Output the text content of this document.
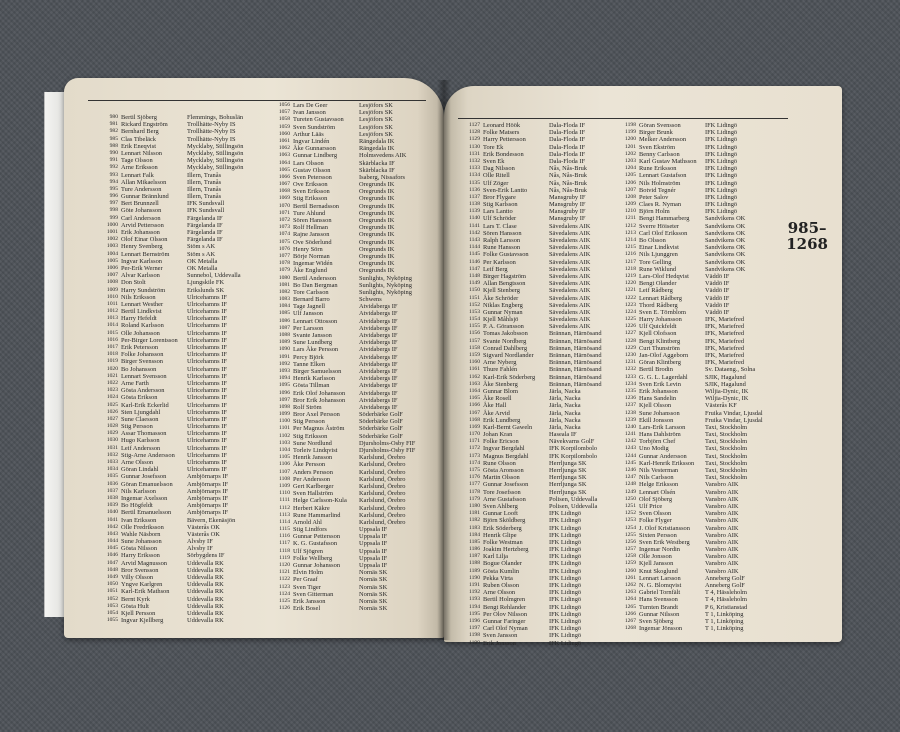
980 Bertil Sjöberg	Flemmings, Bohuslän
981 Rickard Engström	Trollhätte-Nyby IS
982 Bernhard Berg	Trollhätte-Nyby IS
985 Clas Tibeläck	Trollhätte-Nyby IS
988 Erik Eneqvist	Mycklaby, Stillingsön
990 Lennart Nilsson	Mycklaby, Stillingsön
991 Tage Olsson	Mycklaby, Stillingsön
992 Arne Eriksson	Mycklaby, Stillingsön
993 Lennart Falk	Illern, Tranås
994 Allan Mikaelsson	Illern, Tranås
995 Ture Andersson	Illern, Tranås
996 Gunnar Brännlund	Illern, Tranås
997 Bert Brunnzell	IFK Sundsvall
998 Göte Johansson	IFK Sundsvall
999 Carl Andersson	Färgelanda IF
1000 Arvid Pettersson	Färgelanda IF
1001 Erik Johansson	Färgelanda IF
1002 Olof Einar Olsson	Färgelanda IF
1003 Henry Svenberg	Stöm s AK
1004 Lennart Bernström	Stöm s AK
1005 Ingvar Karlsson	OK Metalla
1006 Per-Erik Werner	OK Metalla
1007 Alvar Karlsson	Sunnebol, Uddevalla
1008 Don Stolt	Ljungskile FK
1009 Harry Sundström	Erikslunds SK
1010 Nils Eriksson	Ulricehamns IF
1011 Lennart Westher	Ulricehamns IF
1012 Bertil Lindkvist	Ulricehamns IF
1013 Harry Hefeldt	Ulricehamns IF
1014 Roland Karlsson	Ulricehamns IF
1015 Olle Johansson	Ulricehamns IF
1016 Per-Birger Lorentsson	Ulricehamns IF
1017 Erik Petersson	Ulricehamns IF
1018 Folke Johansson	Ulricehamns IF
1019 Birger Svensson	Ulricehamns IF
1020 Bo Johansson	Ulricehamns IF
1021 Lennart Svensson	Ulricehamns IF
1022 Arne Farth	Ulricehamns IF
1023 Gösta Andersson	Ulricehamns IF
1024 Gösta Erikson	Ulricehamns IF
1025 Karl-Erik Eckerlid	Ulricehamns IF
1026 Sten Ljungdahl	Ulricehamns IF
1027 Sune Claesson	Ulricehamns IF
1028 Stig Persson	Ulricehamns IF
1029 Assar Thomasson	Ulricehamns IF
1030 Hugo Karlsson	Ulricehamns IF
1031 Leif Andersson	Ulricehamns IF
1032 Stig-Arne Andersson	Ulricehamns IF
1033 Arne Olsson	Ulricehamns IF
1034 Göran Lindahl	Ulricehamns IF
1035 Gunnar Josefsson	Ambjörnarps IF
1036 Göran Emanuelsson	Ambjörnarps IF
1037 Nils Karlsson	Ambjörnarps IF
1038 Ingemar Axelsson	Ambjörnarps IF
1039 Bo Högfeldt	Ambjörnarps IF
1040 Bertil Emanuelsson	Ambjörnarps IF
1041 Ivan Eriksson	Bävern, Ekenäsjön
1042 Olle Fredriksson	Västerås OK
1043 Wahle Näsborn	Västerås OK
1044 Sune Johansson	Alvsby IF
1045 Gösta Nilsson	Alvsby IF
1046 Harry Eriksson	Sörbygdens IF
1047 Arvid Magnusson	Uddevalla RK
1048 Bror Svensson	Uddevalla RK
1049 Villy Olsson	Uddevalla RK
1050 Yngve Karlgren	Uddevalla RK
1051 Karl-Erik Mathson	Uddevalla RK
1052 Bernt Kyrk	Uddevalla RK
1053 Gösta Hult	Uddevalla RK
1054 Kjell Persson	Uddevalla RK
1055 Ingvar Kjellberg	Uddevalla RK
1056 Lars De Geer	Lesjöfors SK
1057 Ivan Jansson	Lesjöfors SK
1058 Tureten Gustavsson	Lesjöfors SK
1059 Sven Sundström	Lesjöfors SK
1060 Arthur Lääs	Lesjöfors SK
1061 Ingvar Lindén	Rängedala IK
1062 Åke Gunnarsson	Rängedala IK
1063 Gunnar Lindberg	Holmsvedens AIK
1064 Lars Olsson	Skärblacka IF
1065 Gustav Olsson	Skärblacka IF
1066 Sven Petersson	Isaberg, Nissafors
1067 Ove Eriksson	Oregrunds IK
1068 Sven Eriksson	Oregrunds IK
1069 Stig Eriksson	Oregrunds IK
1070 Bertil Bernadsson	Oregrunds IK
1071 Ture Ahlund	Oregrunds IK
1072 Sören Hansson	Oregrunds IK
1073 Rolf Hellman	Oregrunds IK
1074 Rajne Jansson	Oregrunds IK
1075 Ove Söderlund	Oregrunds IK
1076 Henry Sörn	Oregrunds IK
1077 Börje Norman	Oregrunds IK
1078 Ingemar Widén	Oregrunds IK
1079 Åke Englund	Oregrunds IK
1080 Bertil Andersson	Sunlights, Nyköping
1081 Bo Dan Bergman	Sunlights, Nyköping
1082 Tore Carlsson	Sunlights, Nyköping
1083 Bernard Barro	Schwens
1084 Tage Jagnell	Atvidabergs IF
1085 Ulf Jansson	Atvidabergs IF
1086 Lennart Ottosson	Atvidabergs IF
1087 Per Larsson	Atvidabergs IF
1088 Svante Jansson	Atvidabergs IF
1089 Sune Lundberg	Atvidabergs IF
1090 Lars Åke Persson	Atvidabergs IF
1091 Percy Björk	Atvidabergs IF
1092 Tanne Elken	Atvidabergs IF
1093 Birger Samuelsson	Atvidabergs IF
1094 Henrik Karlsson	Atvidabergs IF
1095 Gösta Tillman	Atvidabergs IF
1096 Erik Olof Johansson	Atvidabergs IF
1097 Bror Erik Johansson	Atvidabergs IF
1098 Rolf Ström	Atvidabergs IF
1099 Bror Axel Persson	Söderbärke GolF
1100 Stig Persson	Söderbärke GolF
1101 Per Magnus Åström	Söderbärke GolF
1102 Stig Eriksson	Söderbärke GolF
1103 Sune Nordlund	Djursholms-Osby FIF
1104 Torleiv Lindqvist	Djursholms-Osby FIF
1105 Henrik Jansson	Karlslund, Örebro
1106 Åke Persson	Karlslund, Örebro
1107 Anders Persson	Karlslund, Örebro
1108 Per Andersson	Karlslund, Örebro
1109 Gert Karlberger	Karlslund, Örebro
1110 Sven Hallström	Karlslund, Örebro
1111 Helge Carlsson-Kula	Karlslund, Örebro
1112 Herbert Käkre	Karlslund, Örebro
1113 Rune Hammarlind	Karlslund, Örebro
1114 Arnold Ahl	Karlslund, Örebro
1115 Stig Lindfors	Uppsala IF
1116 Gunnar Pettersson	Uppsala IF
1117 K. G. Gustafsson	Uppsala IF
1118 Ulf Sjögren	Uppsala IF
1119 Folke Wellberg	Uppsala IF
1120 Gunnar Johansson	Uppsala IF
1121 Elvin Holm	Nornäs SK
1122 Per Graaf	Nornäs SK
1123 Sven Tiger	Nornäs SK
1124 Sven Gitterman	Nornäs SK
1125 Erik Jansson	Nornäs SK
1126 Erik Bosel	Nornäs SK
1127 Leonard Höök	Dala-Floda IF
1128 Folke Matsers	Dala-Floda IF
1129 Harry Pettersson	Dala-Floda IF
1130 Tore Ek	Dala-Floda IF
1131 Erik Bondesson	Dala-Floda IF
1132 Sven Ek	Dala-Floda IF
1133 Dag Nilsson	Nås, Nås-Bruk
1134 Olle Ritell	Nås, Nås-Bruk
1135 Ulf Zöger	Nås, Nås-Bruk
1136 Sven-Erik Lantto	Nås, Nås-Bruk
1137 Bror Flygare	Mansgruby IF
1138 Stig Karlsson	Mansgruby IF
1139 Lars Lantto	Mansgruby IF
1140 Ulf Schröder	Mansgruby IF
1141 Lars T. Clase	Sävedalens AIK
1142 Sören Hansson	Sävedalens AIK
1143 Ralph Larsson	Sävedalens AIK
1144 Rune Hansson	Sävedalens AIK
1145 Folke Gustavsson	Sävedalens AIK
1146 Per Karlsson	Sävedalens AIK
1147 Leif Berg	Sävedalens AIK
1148 Birger Hagström	Sävedalens AIK
1149 Allan Bengtsson	Sävedalens AIK
1150 Kjell Stenberg	Sävedalens AIK
1151 Åke Schröder	Sävedalens AIK
1152 Niklas Engberg	Sävedalens AIK
1153 Gunnar Nyman	Sävedalens AIK
1154 Kjell Måhlsjö	Sävedalens AIK
1155 P. A. Göransson	Sävedalens AIK
1156 Tomas Jakobsson	Brännan, Härnösand
1157 Svante Nordberg	Brännan, Härnösand
1158 Conrad Dahlberg	Brännan, Härnösand
1159 Sigvard Nordlander	Brännan, Härnösand
1160 Arne Nyberg	Brännan, Härnösand
1161 Thure Fahlén	Brännan, Härnösand
1162 Karl-Erik Söderberg	Brännan, Härnösand
1163 Åke Stenberg	Brännan, Härnösand
1164 Gunnar Blom	Järla, Nacka
1165 Åke Rosell	Järla, Nacka
1166 Åke Hall	Järla, Nacka
1167 Åke Arvid	Järla, Nacka
1168 Erik Lundberg	Järla, Nacka
1169 Karl-Bernt Gaweln	Järla, Nacka
1170 Johan Kran	Haseala IF
1171 Folke Ericson	Nävekvarns GolF
1172 Ingvar Bergdahl	IFK Korpilombolo
1173 Magnus Bergdahl	IFK Korpilombolo
1174 Rune Olsson	Herrljunga SK
1175 Gösta Aronsson	Herrljunga SK
1176 Martin Olsson	Herrljunga SK
1177 Gunnar Josefsson	Herrljunga SK
1178 Tore Josefsson	Herrljunga SK
1179 Arne Gustafsson	Polisen, Uddevalla
1180 Sven Ahlberg	Polisen, Uddevalla
1181 Gunnar Looft	IFK Lidingö
1182 Björn Sköldberg	IFK Lidingö
1183 Erik Söderberg	IFK Lidingö
1184 Henrik Glipe	IFK Lidingö
1185 Folke Westman	IFK Lidingö
1186 Joakim Hertzberg	IFK Lidingö
1187 Karl Lilja	IFK Lidingö
1188 Bogue Olander	IFK Lidingö
1189 Gösta Kumlin	IFK Lidingö
1190 Pekka Virta	IFK Lidingö
1191 Ruben Olsson	IFK Lidingö
1192 Arne Olsson	IFK Lidingö
1193 Bertil Holmgren	IFK Lidingö
1194 Bengt Rehlander	IFK Lidingö
1195 Per Olov Nilsson	IFK Lidingö
1196 Gunnar Faringer	IFK Lidingö
1197 Carl Olof Nyman	IFK Lidingö
1198 Sven Jansson	IFK Lidingö
1199 Erik Jonsson	IFK Lidingö
1198 Göran Svensson	IFK Lidingö
1199 Birger Brunk	IFK Lidingö
1200 Melker Andersson	IFK Lidingö
1201 Sven Ekström	IFK Lidingö
1202 Benny Carlsson	IFK Lidingö
1203 Karl Gustav Mathsson	IFK Lidingö
1204 Rune Eriksson	IFK Lidingö
1205 Lennart Gustafson	IFK Lidingö
1206 Nils Holmström	IFK Lidingö
1207 Botvid Tegnér	IFK Lidingö
1208 Peter Salov	IFK Lidingö
1209 Claes R. Nyman	IFK Lidingö
1210 Björn Holm	IFK Lidingö
1211 Bengt Hammarberg	Sandvikens OK
1212 Sverre Höiseter	Sandvikens OK
1213 Carl Olof Eriksson	Sandvikens OK
1214 Bo Olsson	Sandvikens OK
1215 Einar Lindkvist	Sandvikens OK
1216 Nils Ljunggren	Sandvikens OK
1217 Tore Gelling	Sandvikens OK
1218 Rune Wiklund	Sandvikens OK
1219 Lars-Olof Hedqvist	Väddö IF
1220 Bengt Olander	Väddö IF
1221 Leif Rådberg	Väddö IF
1222 Lennart Rådberg	Väddö IF
1223 Thord Rådberg	Väddö IF
1224 Sven E. Törnblom	Väddö IF
1225 Harry Johansson	IFK, Mariefred
1226 Ulf Quickfeldt	IFK, Mariefred
1227 Kjell Olofsson	IFK, Mariefred
1228 Bengt Klintberg	IFK, Mariefred
1229 Curt Thunström	IFK, Mariefred
1230 Jan-Olof Aggeborn	IFK, Mariefred
1231 Göran Klintberg	IFK, Mariefred
1232 Bertil Brodin	Sv. Dataeng., Solna
1233 G. G. L. Lagerdahl	SJIK, Hagalund
1234 Sven Erik Levin	SJIK, Hagalund
1235 Erik Johansson	Wiljia-Dynic, IK
1236 Hans Sandelin	Wiljia-Dynic, IK
1237 Kjell Olsson	Västerås KF
1238 Sune Johansson	Fruika Vindar, Ljusdal
1239 Ekill Jonsson	Fruika Vindar, Ljusdal
1240 Lars-Erik Larsson	Taxi, Stockholm
1241 Hans Dahlström	Taxi, Stockholm
1242 Torbjörn Chef	Taxi, Stockholm
1243 Uno Modig	Taxi, Stockholm
1244 Gunnar Andersson	Taxi, Stockholm
1245 Karl-Henrik Eriksson	Taxi, Stockholm
1246 Nils Vesterman	Taxi, Stockholm
1247 Nils Carlsson	Taxi, Stockholm
1248 Helge Eriksson	Vansbro AIK
1249 Lennart Olsén	Vansbro AIK
1250 Olof Sjöberg	Vansbro AIK
1251 Ulf Price	Vansbro AIK
1252 Sven Olsson	Vansbro AIK
1253 Folke Flyger	Vansbro AIK
1254 J. Olof Kristiansson	Vansbro AIK
1255 Sixten Persson	Vansbro AIK
1256 Sven Erik Westberg	Vansbro AIK
1257 Ingemar Nordin	Vansbro AIK
1258 Olle Jonsson	Vansbro AIK
1259 Kjell Jansson	Vansbro AIK
1260 Knut Skoglund	Vansbro AIK
1261 Lennart Larsson	Anneberg GolF
1262 N. G. Blomqvist	Anneberg GolF
1263 Gabriel Tornfält	T 4, Hässleholm
1264 Hans Svensson	T 4, Hässleholm
1265 Turnten Brandt	P 6, Kristianstad
1266 Gunnar Nilsson	T 1, Linköping
1267 Sven Sjöberg	T 1, Linköping
1268 Ingemar Jönsson	T 1, Linköping
985–
1268
